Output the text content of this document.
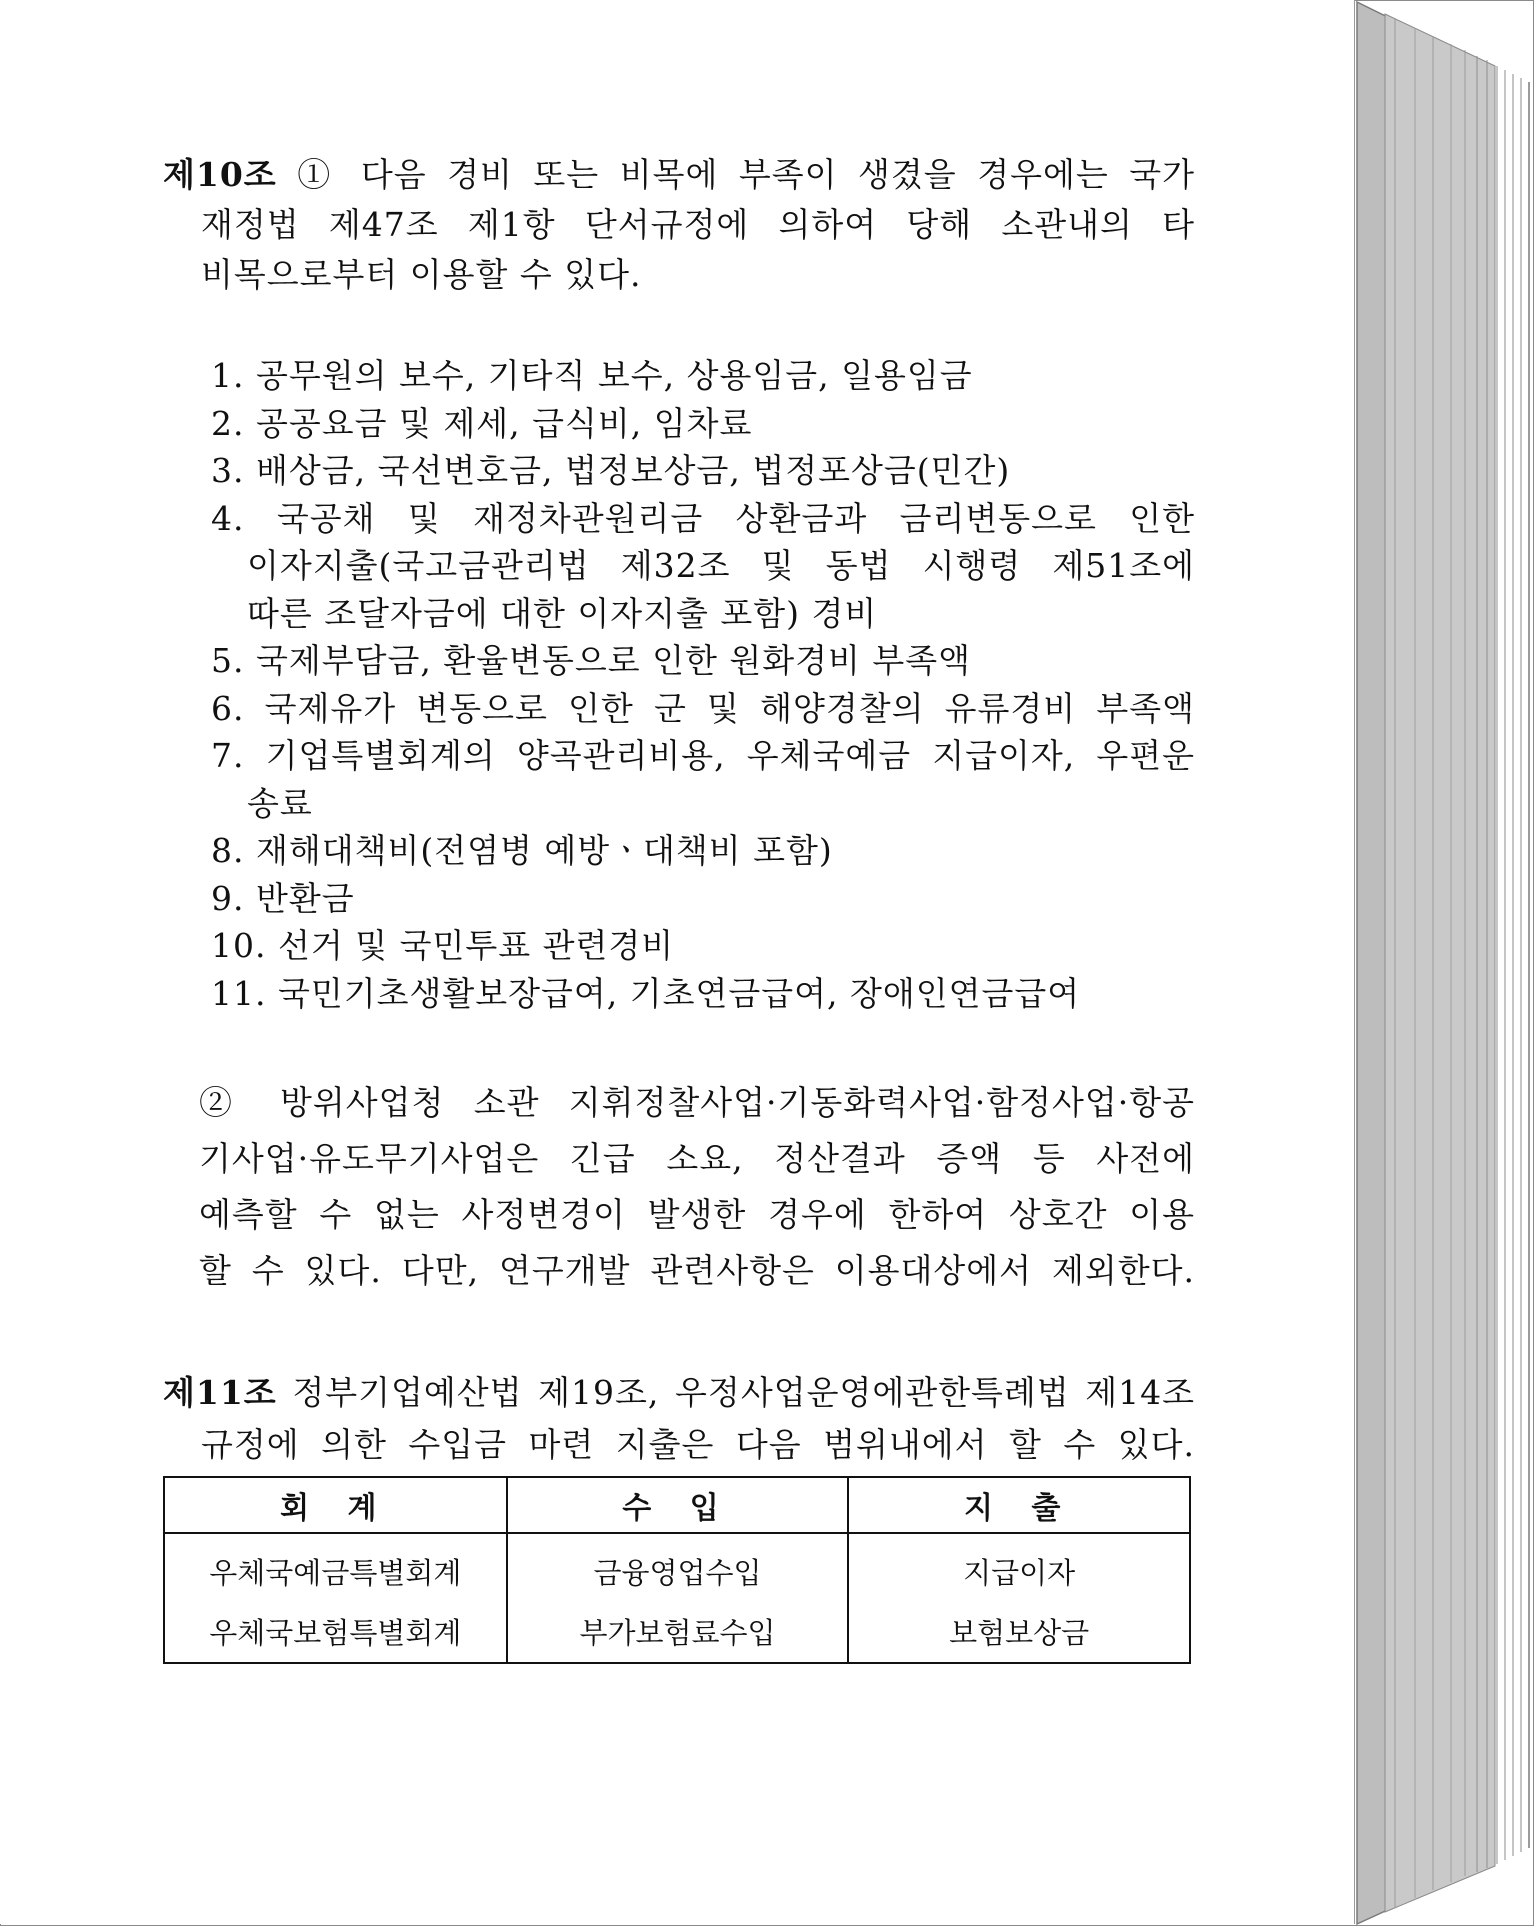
제10조 ① 다음 경비 또는 비목에 부족이 생겼을 경우에는 국가
재정법 제47조 제1항 단서규정에 의하여 당해 소관내의 타
비목으로부터 이용할 수 있다.
1. 공무원의 보수, 기타직 보수, 상용임금, 일용임금
2. 공공요금 및 제세, 급식비, 임차료
3. 배상금, 국선변호금, 법정보상금, 법정포상금(민간)
4. 국공채 및 재정차관원리금 상환금과 금리변동으로 인한
이자지출(국고금관리법 제32조 및 동법 시행령 제51조에
따른 조달자금에 대한 이자지출 포함) 경비
5. 국제부담금, 환율변동으로 인한 원화경비 부족액
6. 국제유가 변동으로 인한 군 및 해양경찰의 유류경비 부족액
7. 기업특별회계의 양곡관리비용, 우체국예금 지급이자, 우편운
송료
8. 재해대책비(전염병 예방ㆍ대책비 포함)
9. 반환금
10. 선거 및 국민투표 관련경비
11. 국민기초생활보장급여, 기초연금급여, 장애인연금급여
② 방위사업청 소관 지휘정찰사업·기동화력사업·함정사업·항공
기사업·유도무기사업은 긴급 소요, 정산결과 증액 등 사전에
예측할 수 없는 사정변경이 발생한 경우에 한하여 상호간 이용
할 수 있다. 다만, 연구개발 관련사항은 이용대상에서 제외한다.
제11조 정부기업예산법 제19조, 우정사업운영에관한특례법 제14조
규정에 의한 수입금 마련 지출은 다음 범위내에서 할 수 있다.
회 계	수 입	지 출
우체국예금특별회계	금융영업수입	지급이자
우체국보험특별회계	부가보험료수입	보험보상금
